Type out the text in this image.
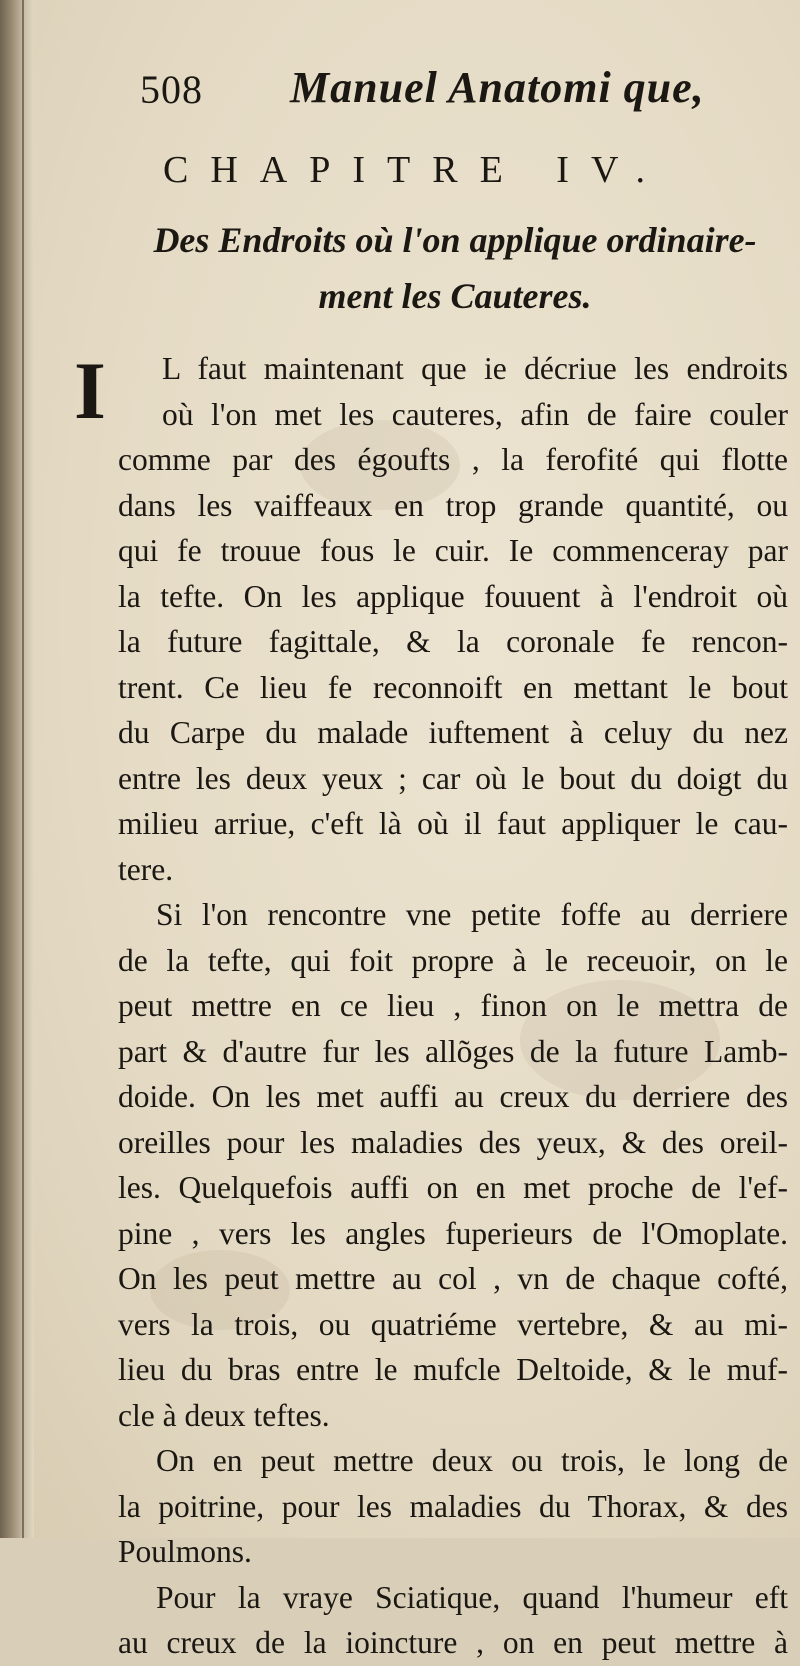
508 Manuel Anatomi que,
CHAPITRE IV.
Des Endroits où l'on applique ordinaire-
ment les Cauteres.
I L faut maintenant que ie décriue les endroits
où l'on met les cauteres, afin de faire couler
comme par des égoufts , la ferofité qui flotte
dans les vaiffeaux en trop grande quantité, ou
qui fe trouue fous le cuir. Ie commenceray par
la tefte. On les applique fouuent à l'endroit où
la future fagittale, & la coronale fe rencon-
trent. Ce lieu fe reconnoift en mettant le bout
du Carpe du malade iuftement à celuy du nez
entre les deux yeux ; car où le bout du doigt du
milieu arriue, c'eft là où il faut appliquer le cau-
tere.
Si l'on rencontre vne petite foffe au derriere
de la tefte, qui foit propre à le receuoir, on le
peut mettre en ce lieu , finon on le mettra de
part & d'autre fur les allõges de la future Lamb-
doide. On les met auffi au creux du derriere des
oreilles pour les maladies des yeux, & des oreil-
les. Quelquefois auffi on en met proche de l'ef-
pine , vers les angles fuperieurs de l'Omoplate.
On les peut mettre au col , vn de chaque cofté,
vers la trois, ou quatriéme vertebre, & au mi-
lieu du bras entre le mufcle Deltoide, & le muf-
cle à deux teftes.
On en peut mettre deux ou trois, le long de
la poitrine, pour les maladies du Thorax, & des
Poulmons.
Pour la vraye Sciatique, quand l'humeur eft
au creux de la ioincture , on en peut mettre à
